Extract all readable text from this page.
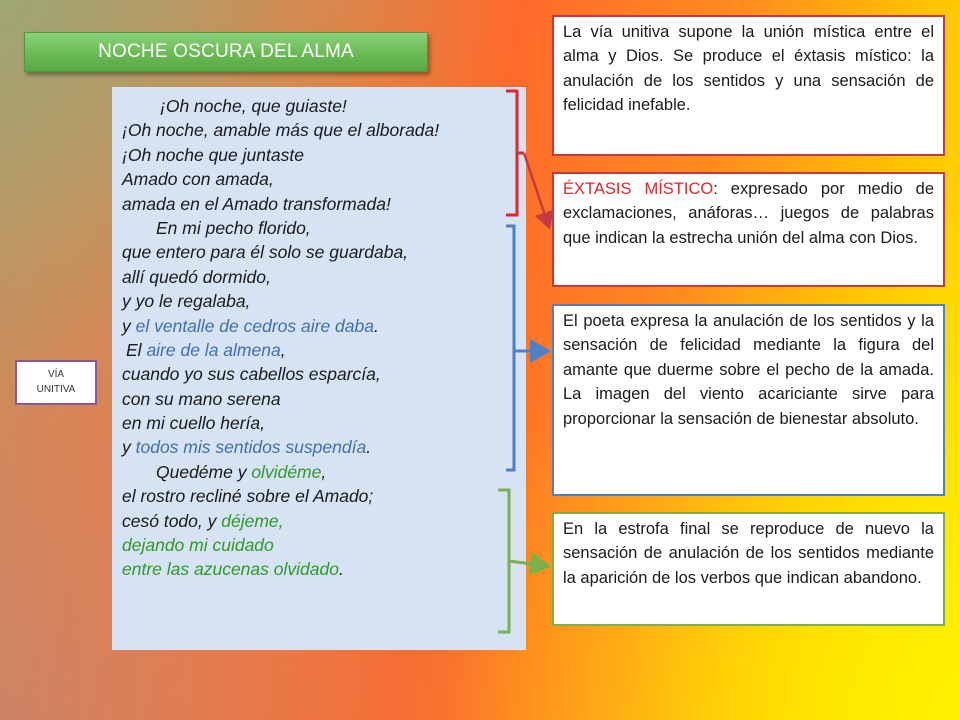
NOCHE OSCURA DEL ALMA
VÍA
UNITIVA
¡Oh noche, que guiaste!
¡Oh noche, amable más que el alborada!
¡Oh noche que juntaste
Amado con amada,
amada en el Amado transformada!
En mi pecho florido,
que entero para él solo se guardaba,
allí quedó dormido,
y yo le regalaba,
y el ventalle de cedros aire daba.
El aire de la almena,
cuando yo sus cabellos esparcía,
con su mano serena
en mi cuello hería,
y todos mis sentidos suspendía.
Quedéme y olvidéme,
el rostro recliné sobre el Amado;
cesó todo, y déjeme,
dejando mi cuidado
entre las azucenas olvidado.
La vía unitiva supone la unión mística entre el alma y Dios. Se produce el éxtasis místico: la anulación de los sentidos y una sensación de felicidad inefable.
ÉXTASIS MÍSTICO: expresado por medio de exclamaciones, anáforas… juegos de palabras que indican la estrecha unión del alma con Dios.
El poeta expresa la anulación de los sentidos y la sensación de felicidad mediante la figura del amante que duerme sobre el pecho de la amada. La imagen del viento acariciante sirve para proporcionar la sensación de bienestar absoluto.
En la estrofa final se reproduce de nuevo la sensación de anulación de los sentidos mediante la aparición de los verbos que indican abandono.
